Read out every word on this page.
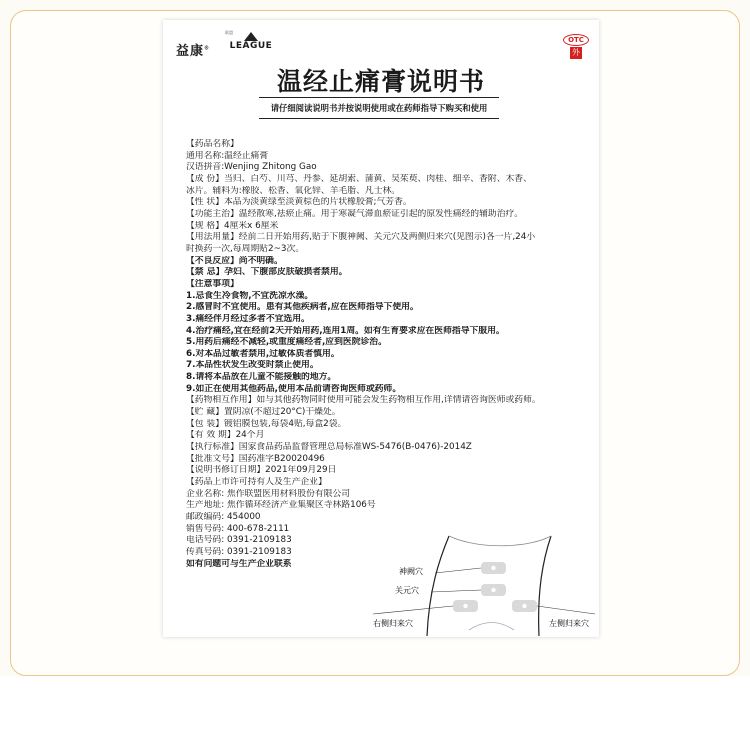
益康®
联盟
LEAGUE
OTC
外
温经止痛膏说明书
请仔细阅读说明书并按说明使用或在药师指导下购买和使用
【药品名称】
通用名称:温经止痛膏
汉语拼音:Wenjing Zhitong Gao
【成 份】当归、白芍、川芎、丹参、延胡索、蒲黄、吴茱萸、肉桂、细辛、香附、木香、
冰片。辅料为:橡胶、松香、氧化锌、羊毛脂、凡士林。
【性 状】本品为淡黄绿至淡黄棕色的片状橡胶膏;气芳香。
【功能主治】温经散寒,祛瘀止痛。用于寒凝气滞血瘀证引起的原发性痛经的辅助治疗。
【规 格】4厘米x 6厘米
【用法用量】经前二日开始用药,贴于下腹神阙、关元穴及两侧归来穴(见图示)各一片,24小
时换药一次,每周期贴2~3次。
【不良反应】尚不明确。
【禁 忌】孕妇、下腹部皮肤破损者禁用。
【注意事项】
1.忌食生冷食物,不宜洗凉水澡。
2.感冒时不宜使用。患有其他疾病者,应在医师指导下使用。
3.痛经伴月经过多者不宜选用。
4.治疗痛经,宜在经前2天开始用药,连用1周。如有生育要求应在医师指导下服用。
5.用药后痛经不减轻,或重度痛经者,应到医院诊治。
6.对本品过敏者禁用,过敏体质者慎用。
7.本品性状发生改变时禁止使用。
8.请将本品放在儿童不能接触的地方。
9.如正在使用其他药品,使用本品前请咨询医师或药师。
【药物相互作用】如与其他药物同时使用可能会发生药物相互作用,详情请咨询医师或药师。
【贮 藏】置阴凉(不超过20°C)干燥处。
【包 装】镀铝膜包装,每袋4贴,每盒2袋。
【有 效 期】24个月
【执行标准】国家食品药品监督管理总局标准WS-5476(B-0476)-2014Z
【批准文号】国药准字B20020496
【说明书修订日期】2021年09月29日
【药品上市许可持有人及生产企业】
企业名称: 焦作联盟医用材料股份有限公司
生产地址: 焦作循环经济产业集聚区寺林路106号
邮政编码: 454000
销售号码: 400-678-2111
电话号码: 0391-2109183
传真号码: 0391-2109183
如有问题可与生产企业联系
神阙穴
关元穴
右侧归来穴	左侧归来穴
